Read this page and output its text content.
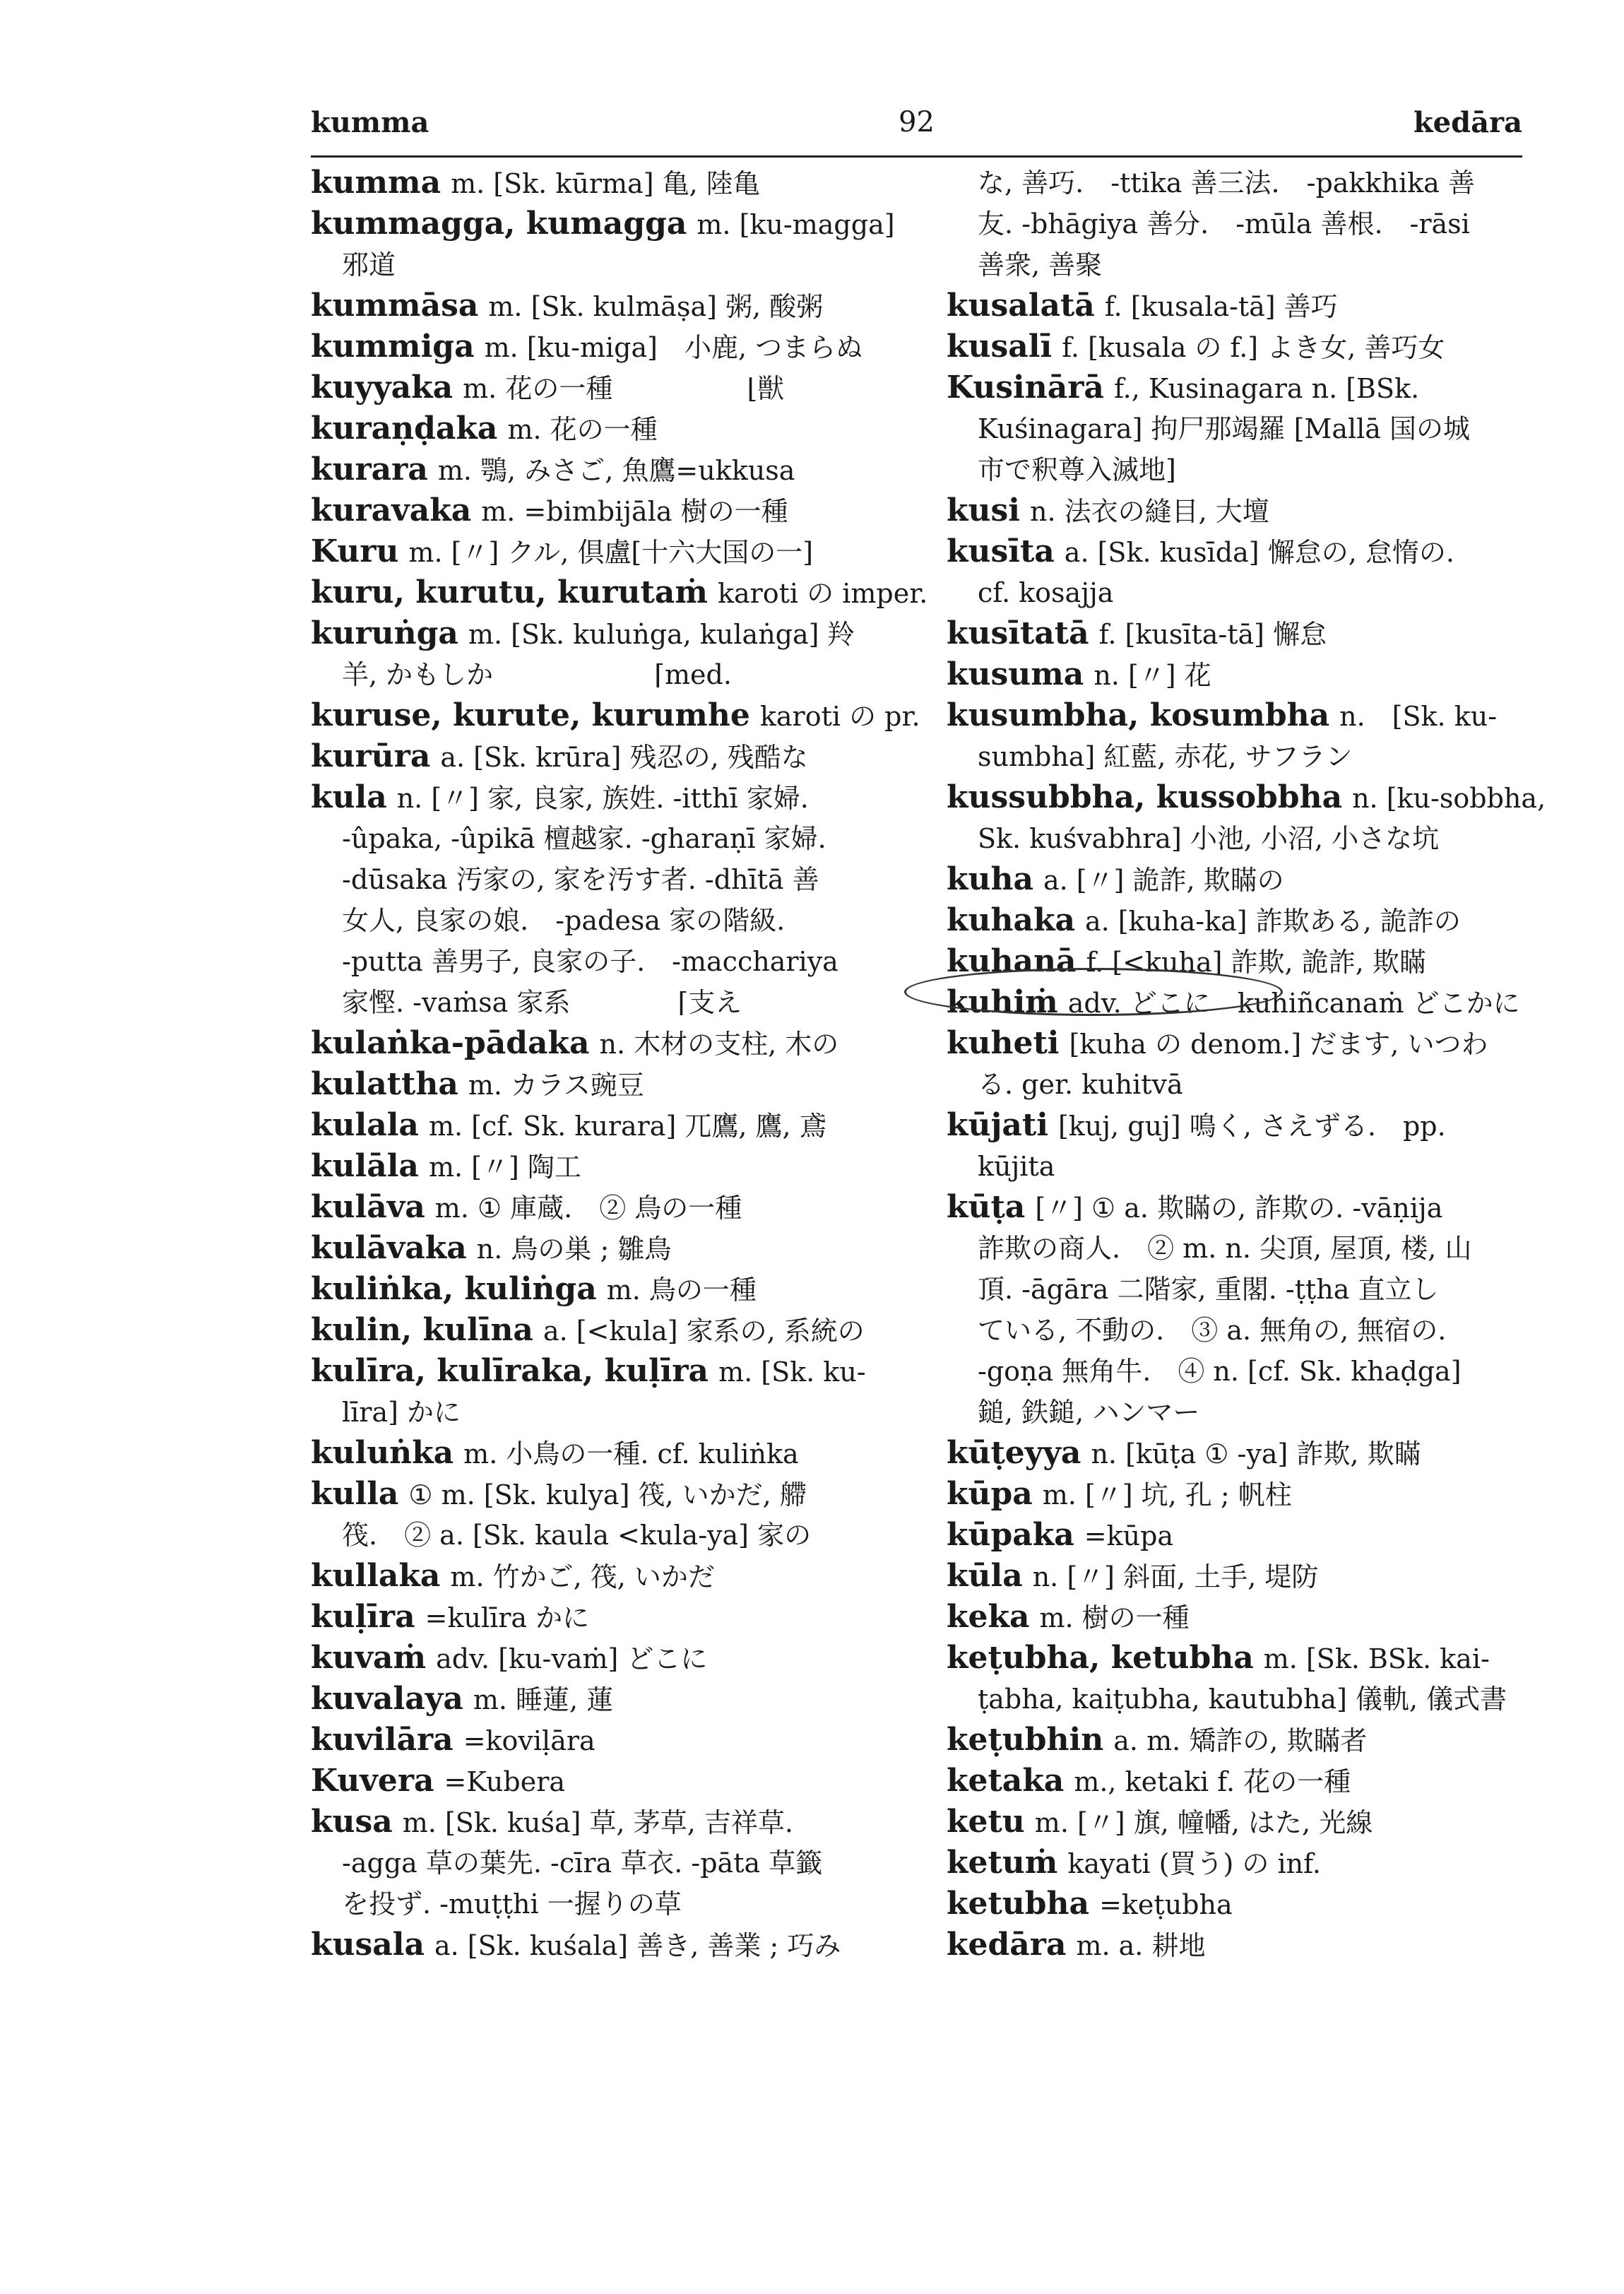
kumma	92	kedāra
kumma m. [Sk. kūrma] 亀, 陸亀
kummagga, kumagga m. [ku-magga]
邪道
kummāsa m. [Sk. kulmāṣa] 粥, 酸粥
kummiga m. [ku-miga]　小鹿, つまらぬ
kuyyaka m. 花の一種　　　　　⌊獣
kuraṇḍaka m. 花の一種
kurara m. 鶚, みさご, 魚鷹=ukkusa
kuravaka m. =bimbijāla 樹の一種
Kuru m. [〃] クル, 倶盧[十六大国の一]
kuru, kurutu, kurutaṁ karoti の imper.
kuruṅga m. [Sk. kuluṅga, kulaṅga] 羚
羊, かもしか　　　　　　⌈med.
kuruse, kurute, kurumhe karoti の pr.
kurūra a. [Sk. krūra] 残忍の, 残酷な
kula n. [〃] 家, 良家, 族姓. -itthī 家婦.
-ûpaka, -ûpikā 檀越家. -gharaṇī 家婦.
-dūsaka 汚家の, 家を汚す者. -dhītā 善
女人, 良家の娘.　-padesa 家の階級.
-putta 善男子, 良家の子.　-macchariya
家慳. -vaṁsa 家系　　　　⌈支え
kulaṅka-pādaka n. 木材の支柱, 木の
kulattha m. カラス豌豆
kulala m. [cf. Sk. kurara] 兀鷹, 鷹, 鳶
kulāla m. [〃] 陶工
kulāva m. ① 庫蔵.　② 鳥の一種
kulāvaka n. 鳥の巣 ; 雛鳥
kuliṅka, kuliṅga m. 鳥の一種
kulin, kulīna a. [<kula] 家系の, 系統の
kulīra, kulīraka, kuḷīra m. [Sk. ku-
līra] かに
kuluṅka m. 小鳥の一種. cf. kuliṅka
kulla ① m. [Sk. kulya] 筏, いかだ, 艜
筏.　② a. [Sk. kaula <kula-ya] 家の
kullaka m. 竹かご, 筏, いかだ
kuḷīra =kulīra かに
kuvaṁ adv. [ku-vaṁ] どこに
kuvalaya m. 睡蓮, 蓮
kuvilāra =koviḷāra
Kuvera =Kubera
kusa m. [Sk. kuśa] 草, 茅草, 吉祥草.
-agga 草の葉先. -cīra 草衣. -pāta 草籤
を投ず. -muṭṭhi 一握りの草
kusala a. [Sk. kuśala] 善き, 善業 ; 巧み
な, 善巧.　-ttika 善三法.　-pakkhika 善
友. -bhāgiya 善分.　-mūla 善根.　-rāsi
善衆, 善聚
kusalatā f. [kusala-tā] 善巧
kusalī f. [kusala の f.] よき女, 善巧女
Kusinārā f., Kusinagara n. [BSk.
Kuśinagara] 拘尸那竭羅 [Mallā 国の城
市で釈尊入滅地]
kusi n. 法衣の縫目, 大壇
kusīta a. [Sk. kusīda] 懈怠の, 怠惰の.
cf. kosajja
kusītatā f. [kusīta-tā] 懈怠
kusuma n. [〃] 花
kusumbha, kosumbha n.　[Sk. ku-
sumbha] 紅藍, 赤花, サフラン
kussubbha, kussobbha n. [ku-sobbha,
Sk. kuśvabhra] 小池, 小沼, 小さな坑
kuha a. [〃] 詭詐, 欺瞞の
kuhaka a. [kuha-ka] 詐欺ある, 詭詐の
kuhanā f. [<kuha] 詐欺, 詭詐, 欺瞞
kuhiṁ adv. どこに　kuhiñcanaṁ どこかに
kuheti [kuha の denom.] だます, いつわ
る. ger. kuhitvā
kūjati [kuj, guj] 鳴く, さえずる.　pp.
kūjita
kūṭa [〃] ① a. 欺瞞の, 詐欺の. -vāṇija
詐欺の商人.　② m. n. 尖頂, 屋頂, 楼, 山
頂. -āgāra 二階家, 重閣. -ṭṭha 直立し
ている, 不動の.　③ a. 無角の, 無宿の.
-goṇa 無角牛.　④ n. [cf. Sk. khaḍga]
鎚, 鉄鎚, ハンマー
kūṭeyya n. [kūṭa ① -ya] 詐欺, 欺瞞
kūpa m. [〃] 坑, 孔 ; 帆柱
kūpaka =kūpa
kūla n. [〃] 斜面, 土手, 堤防
keka m. 樹の一種
keṭubha, ketubha m. [Sk. BSk. kai-
ṭabha, kaiṭubha, kautubha] 儀軌, 儀式書
keṭubhin a. m. 矯詐の, 欺瞞者
ketaka m., ketaki f. 花の一種
ketu m. [〃] 旗, 幢幡, はた, 光線
ketuṁ kayati (買う) の inf.
ketubha =keṭubha
kedāra m. a. 耕地
